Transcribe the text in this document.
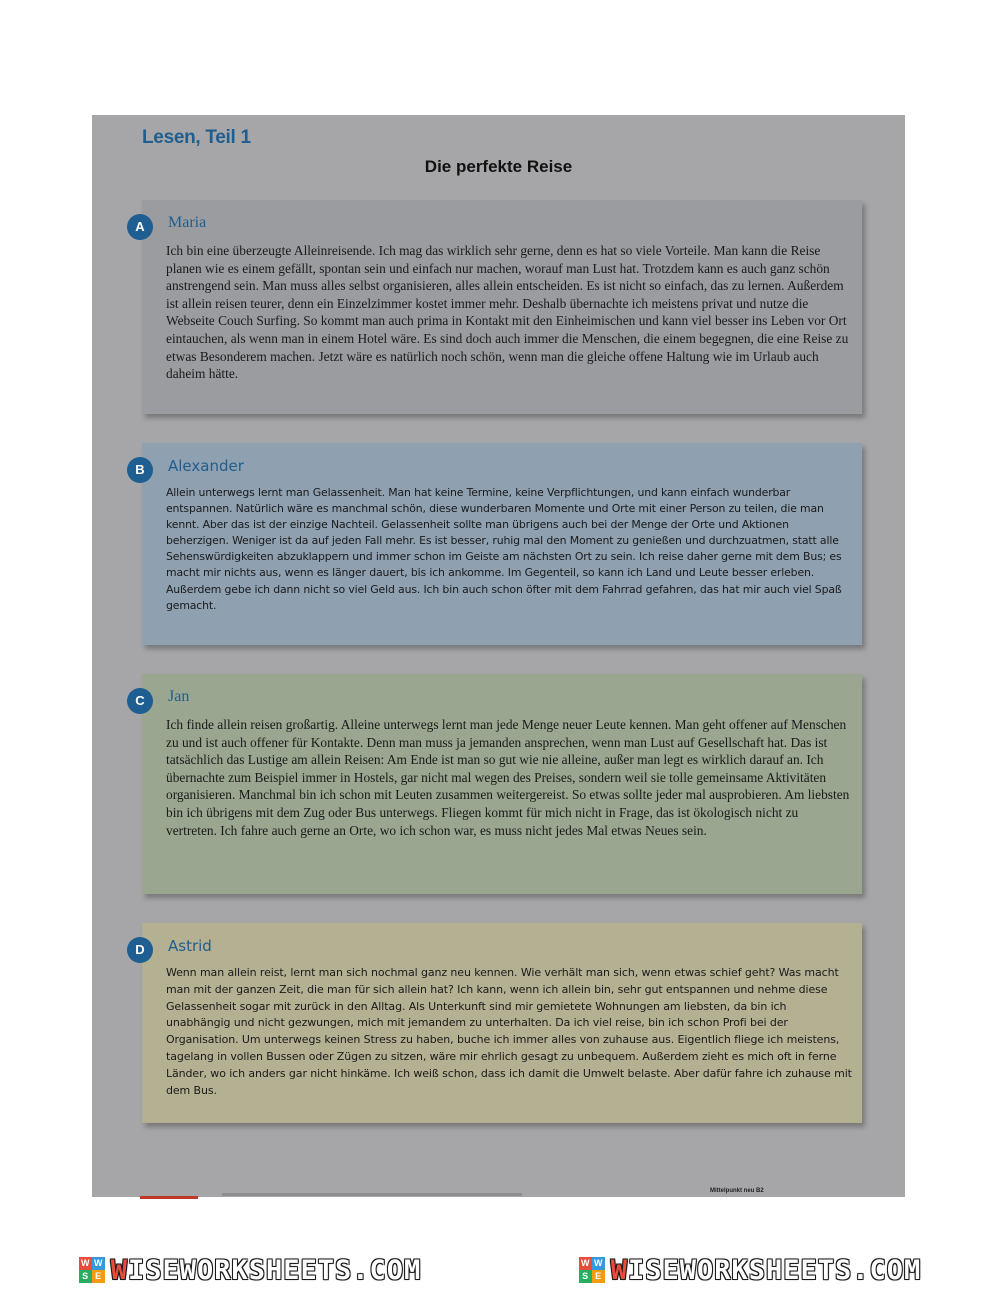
Lesen, Teil 1
Die perfekte Reise
A	Maria
Ich bin eine überzeugte Alleinreisende. Ich mag das wirklich sehr gerne, denn es hat so viele Vorteile. Man kann die Reise planen wie es einem gefällt, spontan sein und einfach nur machen, worauf man Lust hat. Trotzdem kann es auch ganz schön anstrengend sein. Man muss alles selbst organisieren, alles allein entscheiden. Es ist nicht so einfach, das zu lernen. Außerdem ist allein reisen teurer, denn ein Einzelzimmer kostet immer mehr. Deshalb übernachte ich meistens privat und nutze die Webseite Couch Surfing. So kommt man auch prima in Kontakt mit den Einheimischen und kann viel besser ins Leben vor Ort eintauchen, als wenn man in einem Hotel wäre. Es sind doch auch immer die Menschen, die einem begegnen, die eine Reise zu etwas Besonderem machen. Jetzt wäre es natürlich noch schön, wenn man die gleiche offene Haltung wie im Urlaub auch daheim hätte.
B	Alexander
Allein unterwegs lernt man Gelassenheit. Man hat keine Termine, keine Verpflichtungen, und kann einfach wunderbar entspannen. Natürlich wäre es manchmal schön, diese wunderbaren Momente und Orte mit einer Person zu teilen, die man kennt. Aber das ist der einzige Nachteil. Gelassenheit sollte man übrigens auch bei der Menge der Orte und Aktionen beherzigen. Weniger ist da auf jeden Fall mehr. Es ist besser, ruhig mal den Moment zu genießen und durchzuatmen, statt alle Sehenswürdigkeiten abzuklappern und immer schon im Geiste am nächsten Ort zu sein. Ich reise daher gerne mit dem Bus; es macht mir nichts aus, wenn es länger dauert, bis ich ankomme. Im Gegenteil, so kann ich Land und Leute besser erleben. Außerdem gebe ich dann nicht so viel Geld aus. Ich bin auch schon öfter mit dem Fahrrad gefahren, das hat mir auch viel Spaß gemacht.
C	Jan
Ich finde allein reisen großartig. Alleine unterwegs lernt man jede Menge neuer Leute kennen. Man geht offener auf Menschen zu und ist auch offener für Kontakte. Denn man muss ja jemanden ansprechen, wenn man Lust auf Gesellschaft hat. Das ist tatsächlich das Lustige am allein Reisen: Am Ende ist man so gut wie nie alleine, außer man legt es wirklich darauf an. Ich übernachte zum Beispiel immer in Hostels, gar nicht mal wegen des Preises, sondern weil sie tolle gemeinsame Aktivitäten organisieren. Manchmal bin ich schon mit Leuten zusammen weitergereist. So etwas sollte jeder mal ausprobieren. Am liebsten bin ich übrigens mit dem Zug oder Bus unterwegs. Fliegen kommt für mich nicht in Frage, das ist ökologisch nicht zu vertreten. Ich fahre auch gerne an Orte, wo ich schon war, es muss nicht jedes Mal etwas Neues sein.
D	Astrid
Wenn man allein reist, lernt man sich nochmal ganz neu kennen. Wie verhält man sich, wenn etwas schief geht? Was macht man mit der ganzen Zeit, die man für sich allein hat? Ich kann, wenn ich allein bin, sehr gut entspannen und nehme diese Gelassenheit sogar mit zurück in den Alltag. Als Unterkunft sind mir gemietete Wohnungen am liebsten, da bin ich unabhängig und nicht gezwungen, mich mit jemandem zu unterhalten. Da ich viel reise, bin ich schon Profi bei der Organisation. Um unterwegs keinen Stress zu haben, buche ich immer alles von zuhause aus. Eigentlich fliege ich meistens, tagelang in vollen Bussen oder Zügen zu sitzen, wäre mir ehrlich gesagt zu unbequem. Außerdem zieht es mich oft in ferne Länder, wo ich anders gar nicht hinkäme. Ich weiß schon, dass ich damit die Umwelt belaste. Aber dafür fahre ich zuhause mit dem Bus.
Mittelpunkt neu B2
W W
S E WISEWORKSHEETS.COM	W W
S E WISEWORKSHEETS.COM
